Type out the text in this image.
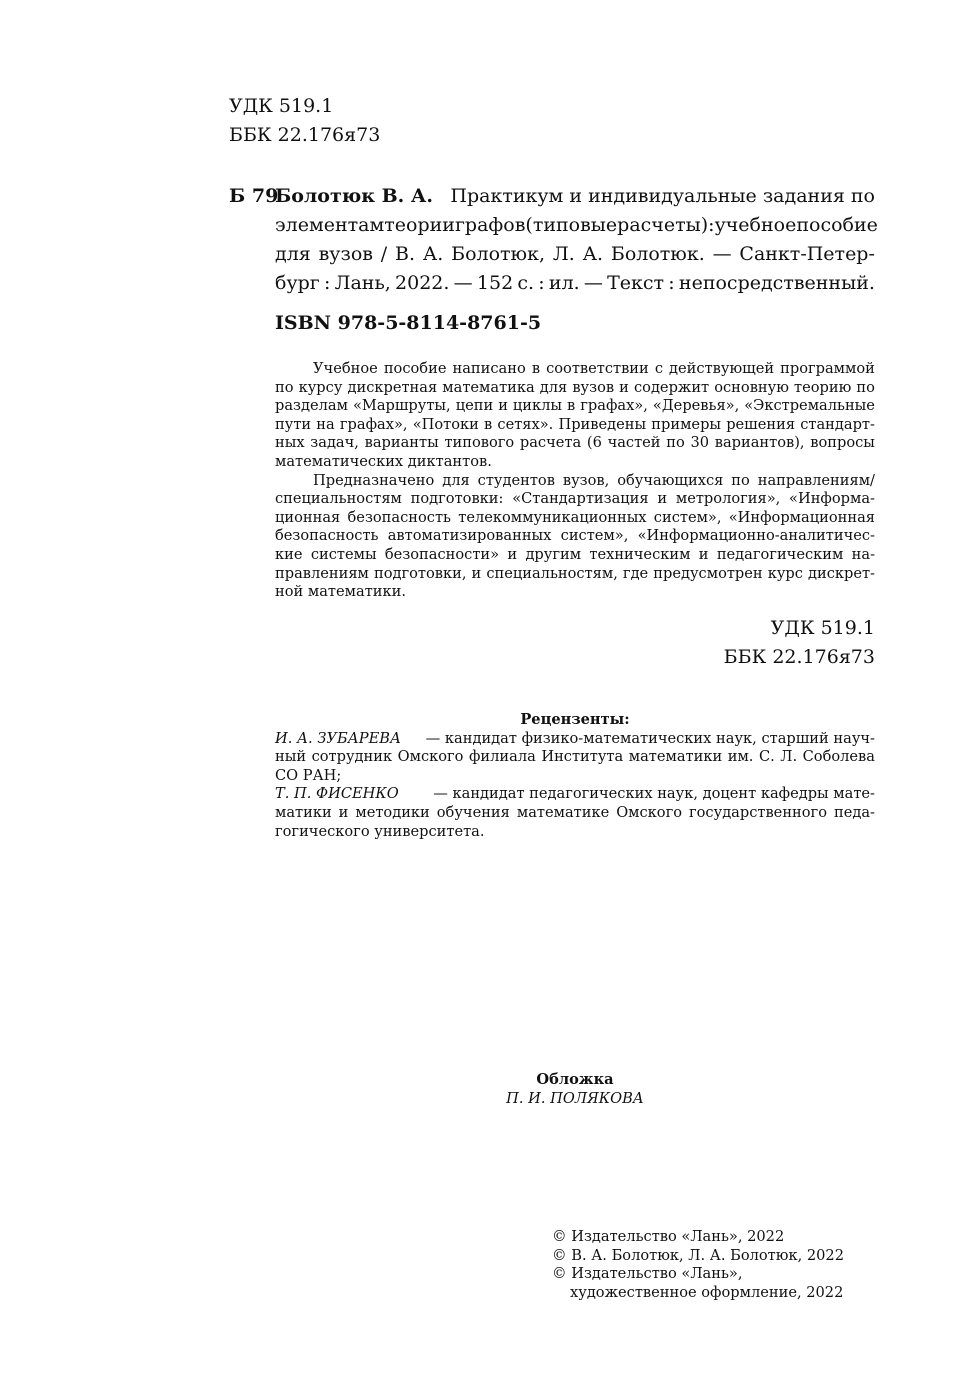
УДК 519.1
ББК 22.176я73
Б 79
Болотюк В. А. Практикум и индивидуальные задания по
элементам теории графов (типовые расчеты) : учебное пособие
для вузов / В. А. Болотюк, Л. А. Болотюк. — Санкт-Петер-
бург : Лань, 2022. — 152 с. : ил. — Текст : непосредственный.
ISBN 978-5-8114-8761-5
Учебное пособие написано в соответствии с действующей программой
по курсу дискретная математика для вузов и содержит основную теорию по
разделам «Маршруты, цепи и циклы в графах», «Деревья», «Экстремальные
пути на графах», «Потоки в сетях». Приведены примеры решения стандарт-
ных задач, варианты типового расчета (6 частей по 30 вариантов), вопросы
математических диктантов.
Предназначено для студентов вузов, обучающихся по направлениям/
специальностям подготовки: «Стандартизация и метрология», «Информа-
ционная безопасность телекоммуникационных систем», «Информационная
безопасность автоматизированных систем», «Информационно-аналитичес-
кие системы безопасности» и другим техническим и педагогическим на-
правлениям подготовки, и специальностям, где предусмотрен курс дискрет-
ной математики.
УДК 519.1
ББК 22.176я73
Рецензенты:
И. А. ЗУБАРЕВА — кандидат физико-математических наук, старший науч-
ный сотрудник Омского филиала Института математики им. С. Л. Соболева
СО РАН;
Т. П. ФИСЕНКО — кандидат педагогических наук, доцент кафедры мате-
матики и методики обучения математике Омского государственного педа-
гогического университета.
Обложка
П. И. ПОЛЯКОВА
© Издательство «Лань», 2022
© В. А. Болотюк, Л. А. Болотюк, 2022
© Издательство «Лань»,
художественное оформление, 2022
